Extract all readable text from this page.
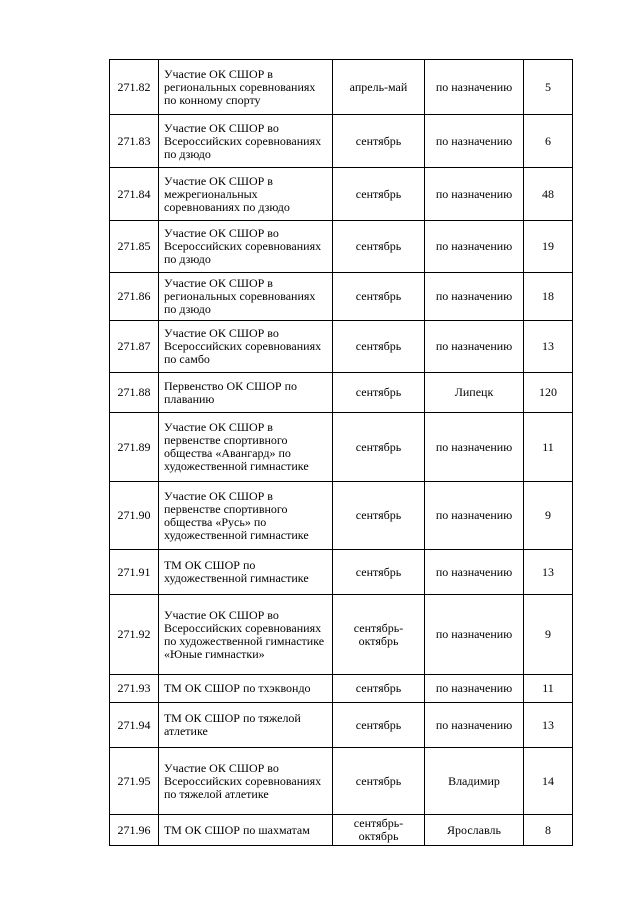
271.82	Участие ОК СШОР в региональных соревнованиях по конному спорту	апрель-май	по назначению	5
271.83	Участие ОК СШОР во Всероссийских соревнованиях по дзюдо	сентябрь	по назначению	6
271.84	Участие ОК СШОР в межрегиональных соревнованиях по дзюдо	сентябрь	по назначению	48
271.85	Участие ОК СШОР во Всероссийских соревнованиях по дзюдо	сентябрь	по назначению	19
271.86	Участие ОК СШОР в региональных соревнованиях по дзюдо	сентябрь	по назначению	18
271.87	Участие ОК СШОР во Всероссийских соревнованиях по самбо	сентябрь	по назначению	13
271.88	Первенство ОК СШОР по плаванию	сентябрь	Липецк	120
271.89	Участие ОК СШОР в первенстве спортивного общества «Авангард» по художественной гимнастике	сентябрь	по назначению	11
271.90	Участие ОК СШОР в первенстве спортивного общества «Русь» по художественной гимнастике	сентябрь	по назначению	9
271.91	ТМ ОК СШОР по художественной гимнастике	сентябрь	по назначению	13
271.92	Участие ОК СШОР во Всероссийских соревнованиях по художественной гимнастике «Юные гимнастки»	сентябрь-октябрь	по назначению	9
271.93	ТМ ОК СШОР по тхэквондо	сентябрь	по назначению	11
271.94	ТМ ОК СШОР по тяжелой атлетике	сентябрь	по назначению	13
271.95	Участие ОК СШОР во Всероссийских соревнованиях по тяжелой атлетике	сентябрь	Владимир	14
271.96	ТМ ОК СШОР по шахматам	сентябрь-октябрь	Ярославль	8
